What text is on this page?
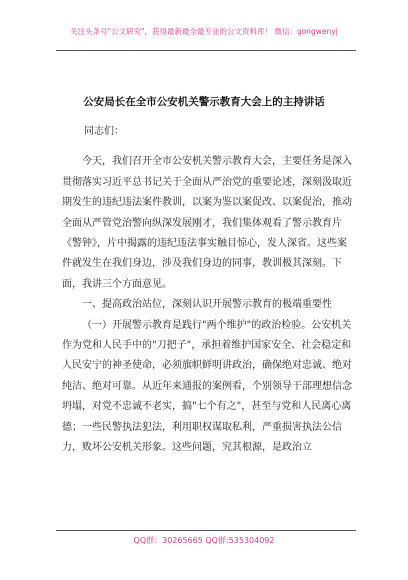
关注头条号"公文研究"，获得最新最全最专业的公文资料库！ 微信：gongwenyj
公安局长在全市公安机关警示教育大会上的主持讲话

同志们：

今天，我们召开全市公安机关警示教育大会，主要任务是深入贯彻落实习近平总书记关于全面从严治党的重要论述，深刻汲取近期发生的违纪违法案件教训，以案为鉴以案促改、以案促治，推动全面从严管党治警向纵深发展刚才，我们集体观看了警示教育片《警钟》，片中揭露的违纪违法事实触目惊心，发人深省。这些案件就发生在我们身边，涉及我们身边的同事，教训极其深刻。下面，我讲三个方面意见。

一、提高政治站位，深刻认识开展警示教育的极端重要性

（一）开展警示教育是践行"两个维护"的政治检验。公安机关作为党和人民手中的"刀把子"，承担着维护国家安全、社会稳定和人民安宁的神圣使命，必须旗帜鲜明讲政治，确保绝对忠诚、绝对纯洁、绝对可靠。从近年来通报的案例看，个别领导干部理想信念坍塌，对党不忠诚不老实，搞"七个有之"，甚至与党和人民离心离德；一些民警执法犯法，利用职权谋取私利，严重损害执法公信力，败坏公安机关形象。这些问题，究其根源，是政治立

QQ群：30265665 QQ群:535304092
